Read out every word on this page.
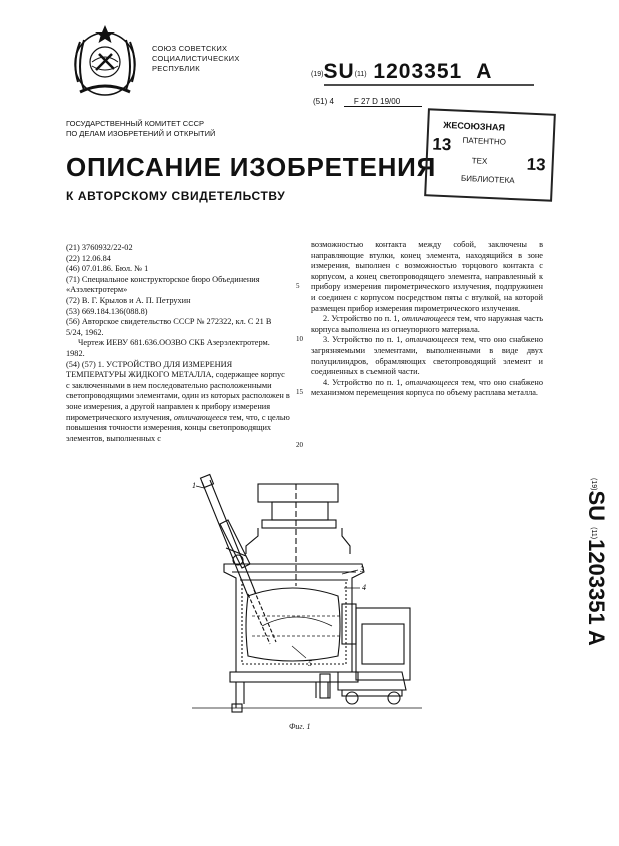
СОЮЗ СОВЕТСКИХ
СОЦИАЛИСТИЧЕСКИХ
РЕСПУБЛИК
(19)SU(11) 1203351 A
(51) 4	F 27 D 19/00
ГОСУДАРСТВЕННЫЙ КОМИТЕТ СССР
ПО ДЕЛАМ ИЗОБРЕТЕНИЙ И ОТКРЫТИЙ
ОПИСАНИЕ ИЗОБРЕТЕНИЯ
К АВТОРСКОМУ СВИДЕТЕЛЬСТВУ
ЖЕСОЮЗНАЯ
13 ПАТЕНТНО
ТЕХ 13
БИБЛИОТЕКА

(21) 3760932/22-02

(22) 12.06.84

(46) 07.01.86. Бюл. № 1

(71) Специальное конструкторское бюро Объединения «Азэлектротерм»

(72) В. Г. Крылов и А. П. Петрухин

(53) 669.184.136(088.8)

(56) Авторское свидетельство СССР № 272322, кл. С 21 В 5/24, 1962.

Чертеж ИЕВУ 681.636.ООЗВО СКБ Азерэлектротерм. 1982.

(54) (57) 1. УСТРОЙСТВО ДЛЯ ИЗМЕРЕНИЯ ТЕМПЕРАТУРЫ ЖИДКОГО МЕТАЛЛА, содержащее корпус с заключенными в нем последовательно расположенными светопроводящими элементами, один из которых расположен в зоне измерения, а другой направлен к прибору измерения пирометрического излучения, отличающееся тем, что, с целью повышения точности измерения, концы светопроводящих элементов, выполненных с

5
10
15
20

возможностью контакта между собой, заключены в направляющие втулки, конец элемента, находящийся в зоне измерения, выполнен с возможностью торцового контакта с корпусом, а конец светопроводящего элемента, направленный к прибору измерения пирометрического излучения, подпружинен и соединен с корпусом посредством пяты с втулкой, на которой размещен прибор измерения пирометрического излучения.

2. Устройство по п. 1, отличающееся тем, что наружная часть корпуса выполнена из огнеупорного материала.

3. Устройство по п. 1, отличающееся тем, что оно снабжено загрязняемыми элементами, выполненными в виде двух полуцилиндров, обрамляющих светопроводящий элемент и соединенных в съемной части.

4. Устройство по п. 1, отличающееся тем, что оно снабжено механизмом перемещения корпуса по объему расплава металла.

(19)SU (11)1203351 A
1
3
4
5
Фиг. 1
